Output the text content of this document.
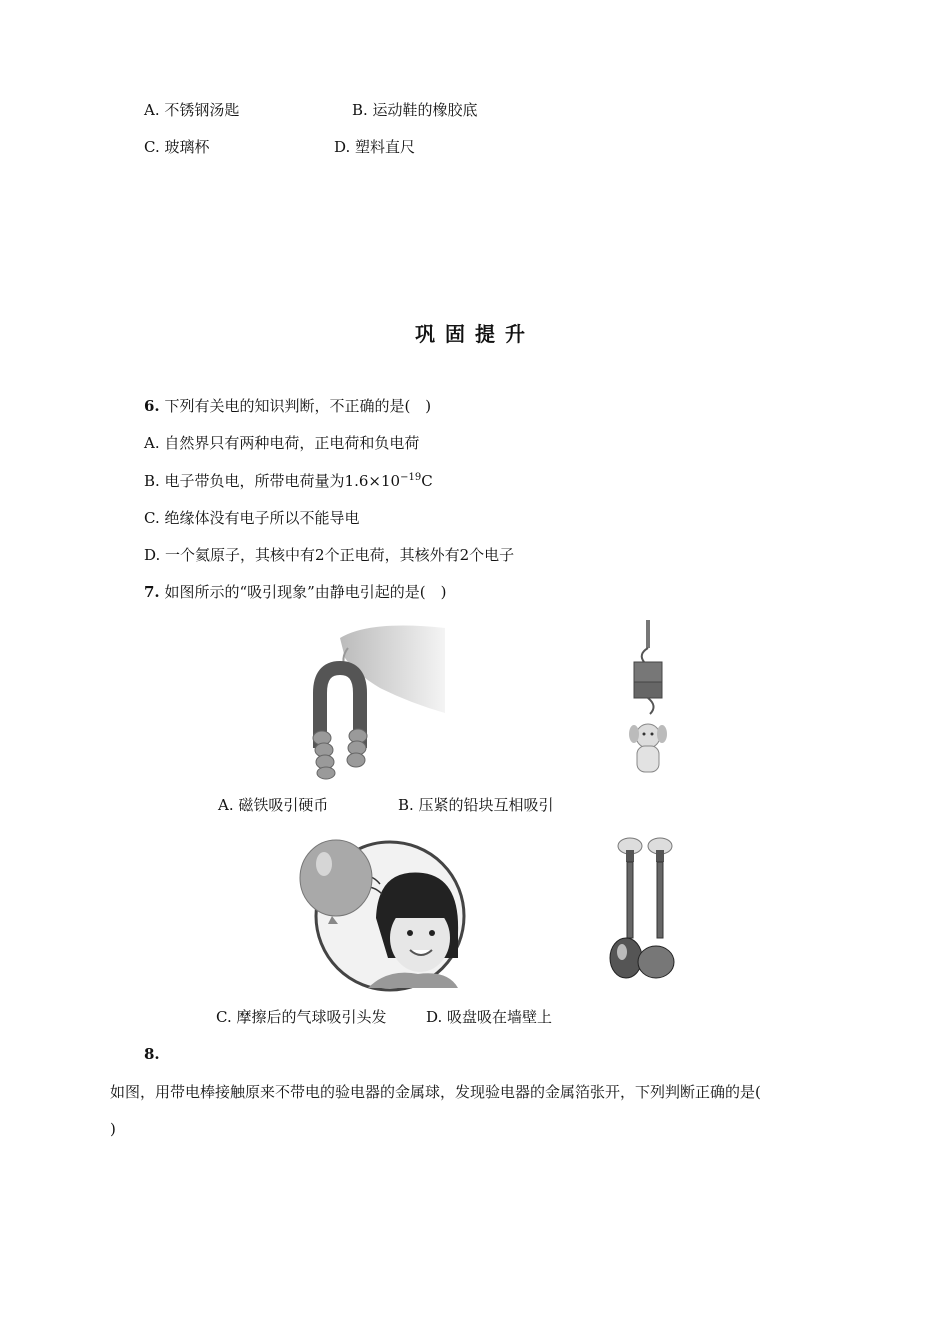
A. 不锈钢汤匙	B. 运动鞋的橡胶底
C. 玻璃杯	D. 塑料直尺
巩固提升
6. 下列有关电的知识判断，不正确的是(　)
A. 自然界只有两种电荷，正电荷和负电荷
B. 电子带负电，所带电荷量为$1.6\times 10^{-19}C$
C. 绝缘体没有电子所以不能导电
D. 一个氦原子，其核中有2个正电荷，其核外有2个电子
7. 如图所示的“吸引现象”由静电引起的是(　)
A. 磁铁吸引硬币	B. 压紧的铅块互相吸引
C. 摩擦后的气球吸引头发	D. 吸盘吸在墙壁上
8.
如图，用带电棒接触原来不带电的验电器的金属球，发现验电器的金属箔张开，下列判断正确的是(
)
